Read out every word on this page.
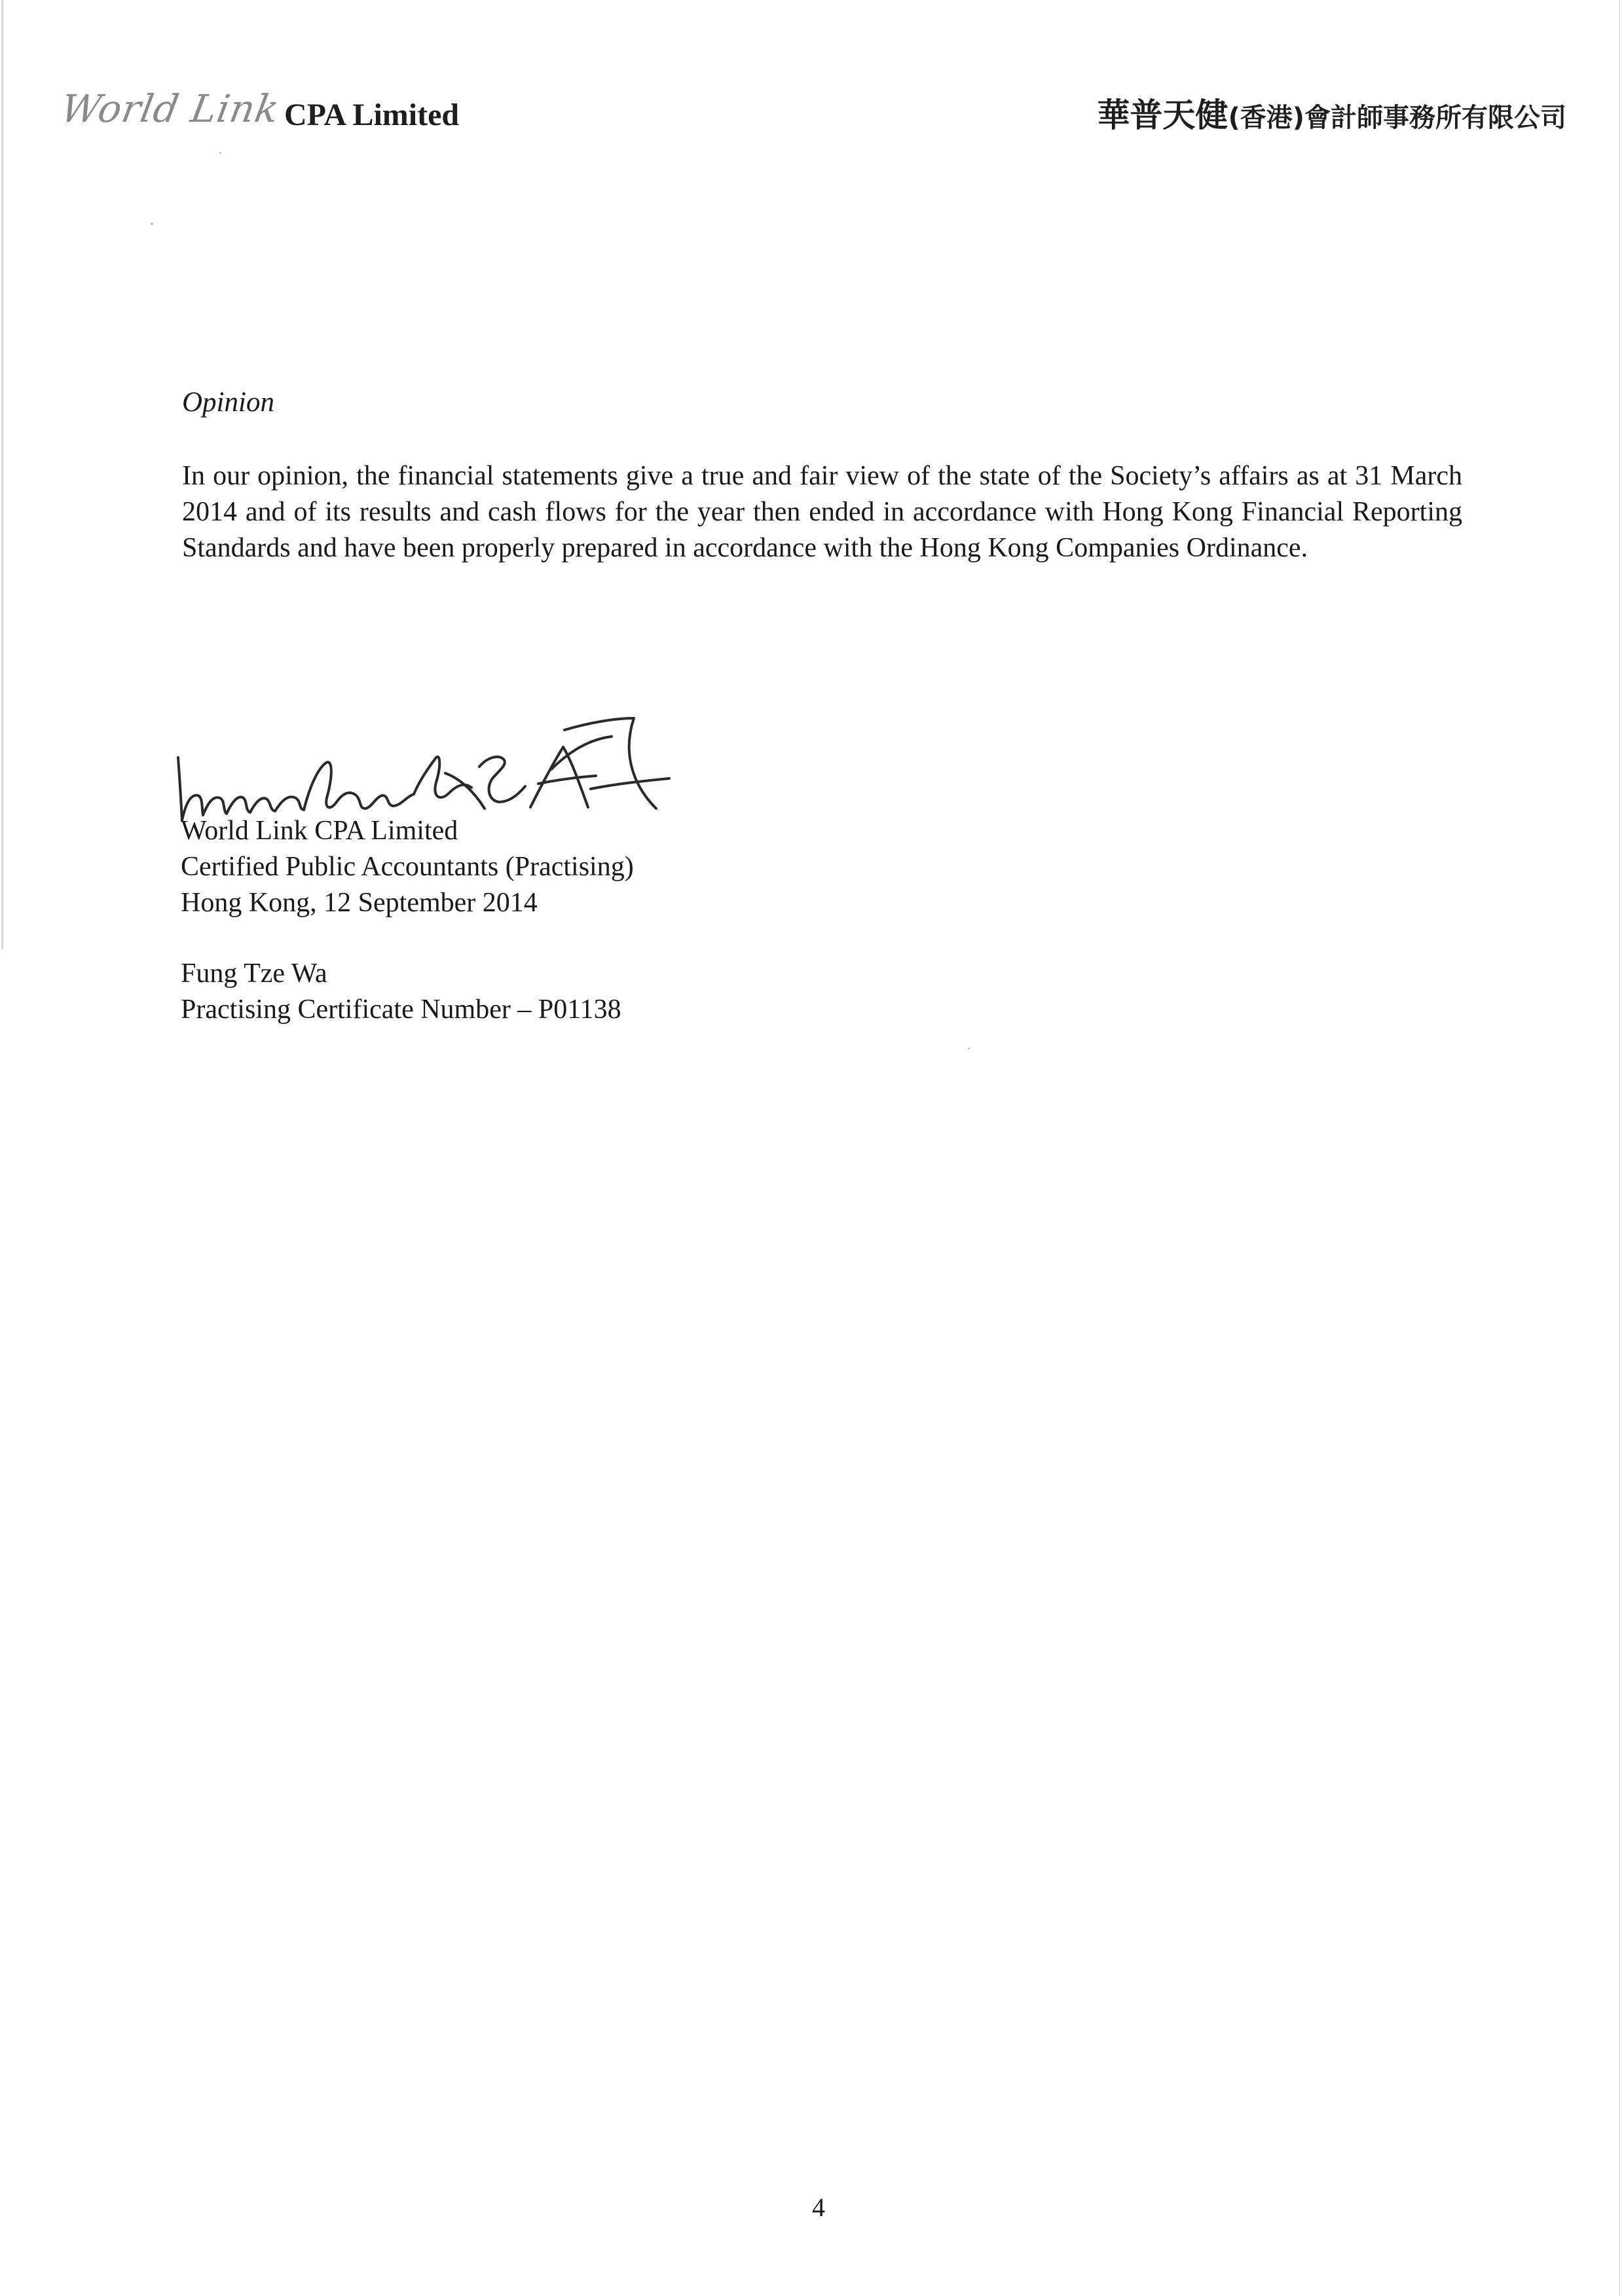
World Link CPA Limited	華普天健(香港)會計師事務所有限公司
Opinion

In our opinion, the financial statements give a true and fair view of the state of the Society’s affairs as at 31 March 2014 and of its results and cash flows for the year then ended in accordance with Hong Kong Financial Reporting Standards and have been properly prepared in accordance with the Hong Kong Companies Ordinance.

World Link CPA Limited
Certified Public Accountants (Practising)
Hong Kong, 12 September 2014
Fung Tze Wa
Practising Certificate Number – P01138
4
